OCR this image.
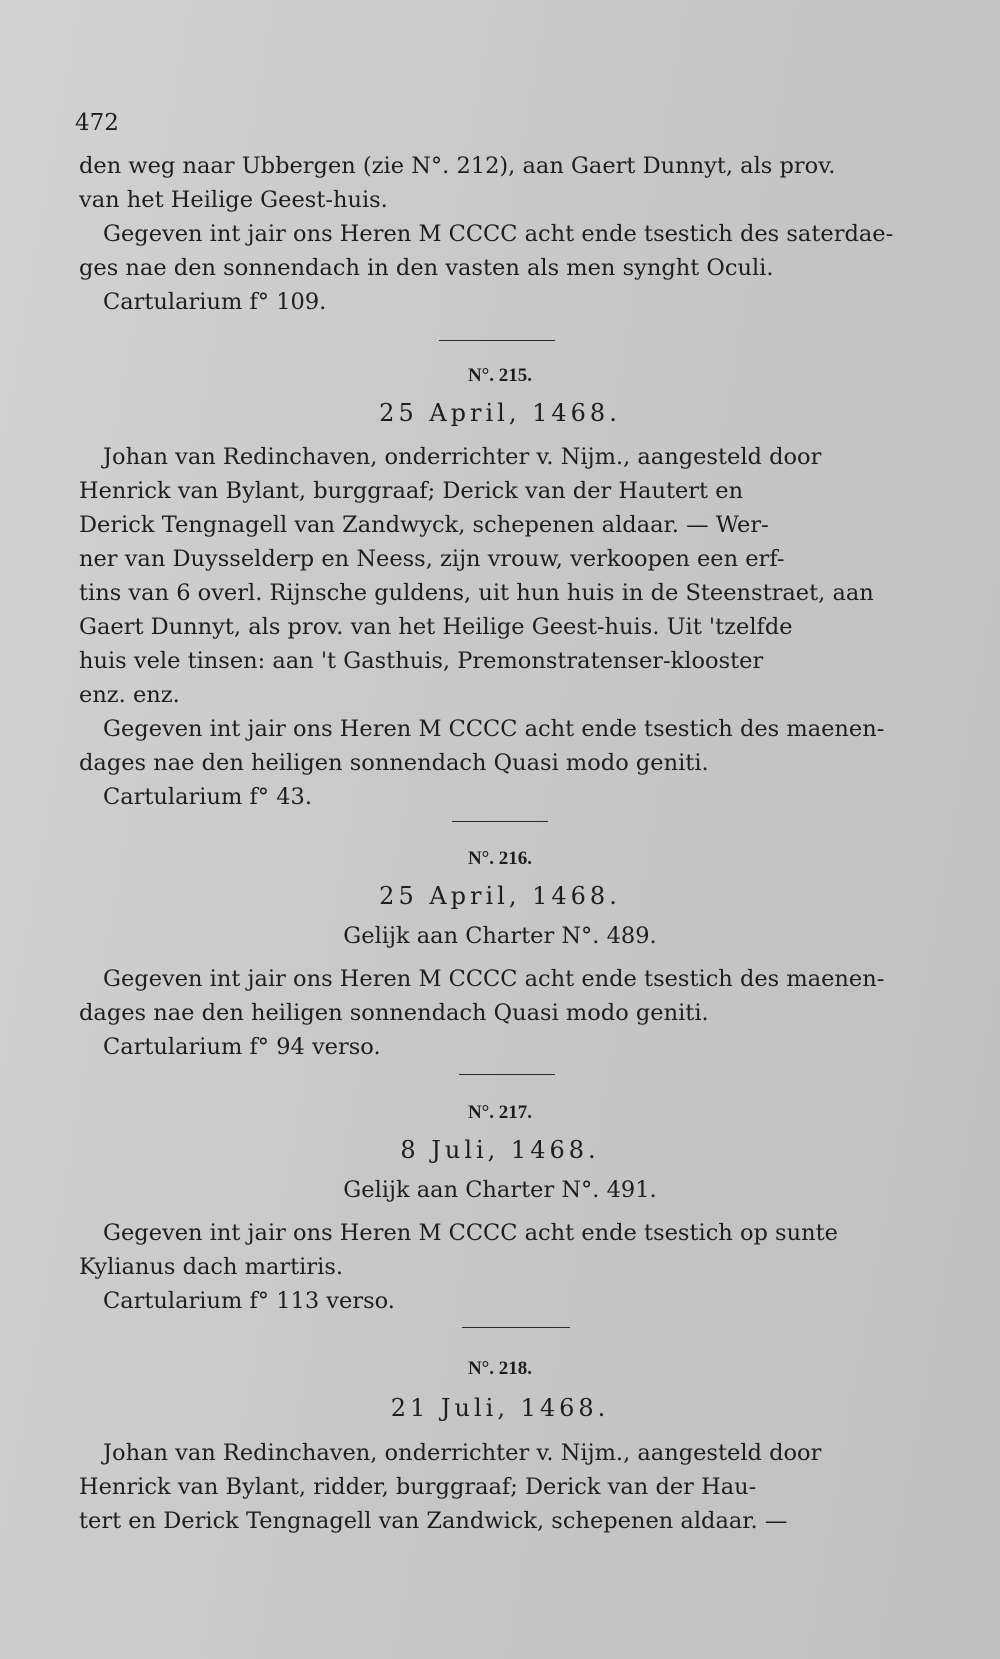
472
den weg naar Ubbergen (zie N°. 212), aan Gaert Dunnyt, als prov.
van het Heilige Geest-huis.
Gegeven int jair ons Heren M CCCC acht ende tsestich des saterdae-
ges nae den sonnendach in den vasten als men synght Oculi.
Cartularium f° 109.
N°. 215.
25 April, 1468.
Johan van Redinchaven, onderrichter v. Nijm., aangesteld door
Henrick van Bylant, burggraaf; Derick van der Hautert en
Derick Tengnagell van Zandwyck, schepenen aldaar. — Wer-
ner van Duysselderp en Neess, zijn vrouw, verkoopen een erf-
tins van 6 overl. Rijnsche guldens, uit hun huis in de Steenstraet, aan
Gaert Dunnyt, als prov. van het Heilige Geest-huis. Uit 'tzelfde
huis vele tinsen: aan 't Gasthuis, Premonstratenser-klooster
enz. enz.
Gegeven int jair ons Heren M CCCC acht ende tsestich des maenen-
dages nae den heiligen sonnendach Quasi modo geniti.
Cartularium f° 43.
N°. 216.
25 April, 1468.
Gelijk aan Charter N°. 489.
Gegeven int jair ons Heren M CCCC acht ende tsestich des maenen-
dages nae den heiligen sonnendach Quasi modo geniti.
Cartularium f° 94 verso.
N°. 217.
8 Juli, 1468.
Gelijk aan Charter N°. 491.
Gegeven int jair ons Heren M CCCC acht ende tsestich op sunte
Kylianus dach martiris.
Cartularium f° 113 verso.
N°. 218.
21 Juli, 1468.
Johan van Redinchaven, onderrichter v. Nijm., aangesteld door
Henrick van Bylant, ridder, burggraaf; Derick van der Hau-
tert en Derick Tengnagell van Zandwick, schepenen aldaar. —
